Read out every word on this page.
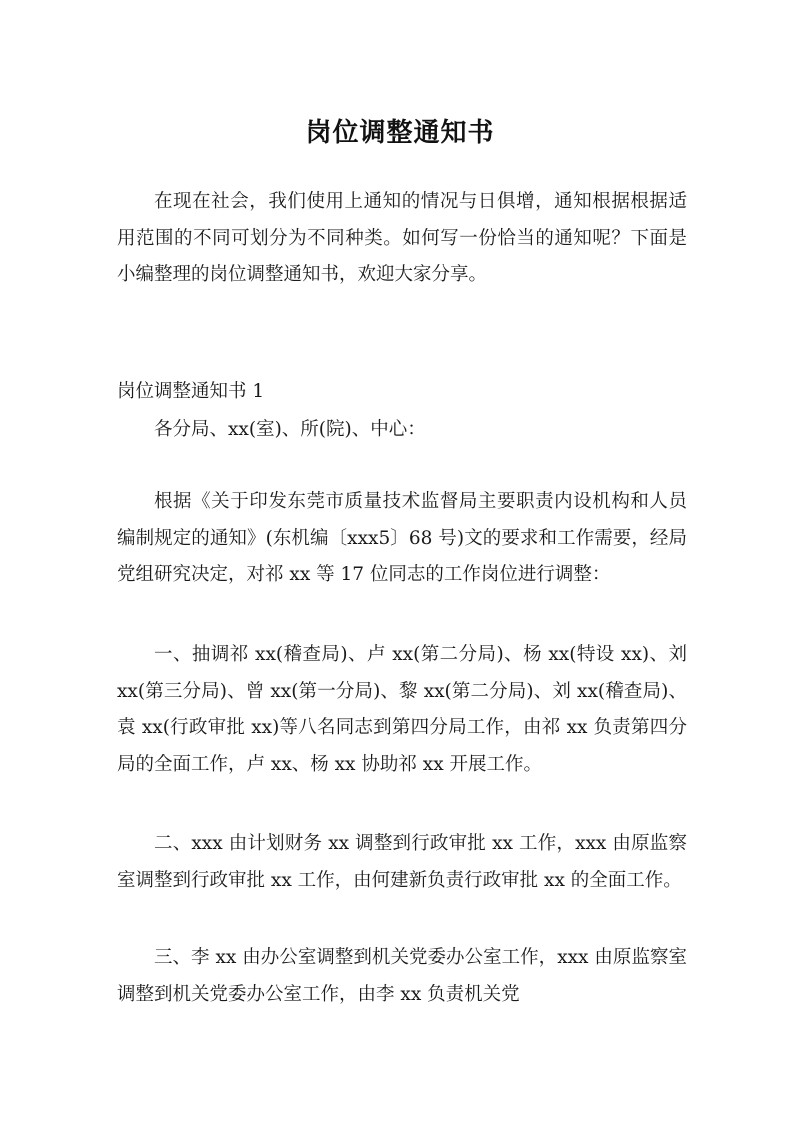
岗位调整通知书

在现在社会，我们使用上通知的情况与日俱增，通知根据根据适用范围的不同可划分为不同种类。如何写一份恰当的通知呢？下面是小编整理的岗位调整通知书，欢迎大家分享。

岗位调整通知书 1

各分局、xx(室)、所(院)、中心：

根据《关于印发东莞市质量技术监督局主要职责内设机构和人员编制规定的通知》(东机编〔xxx5〕68 号)文的要求和工作需要，经局党组研究决定，对祁 xx 等 17 位同志的工作岗位进行调整：

一、抽调祁 xx(稽查局)、卢 xx(第二分局)、杨 xx(特设 xx)、刘 xx(第三分局)、曾 xx(第一分局)、黎 xx(第二分局)、刘 xx(稽查局)、袁 xx(行政审批 xx)等八名同志到第四分局工作，由祁 xx 负责第四分局的全面工作，卢 xx、杨 xx 协助祁 xx 开展工作。

二、xxx 由计划财务 xx 调整到行政审批 xx 工作，xxx 由原监察室调整到行政审批 xx 工作，由何建新负责行政审批 xx 的全面工作。

三、李 xx 由办公室调整到机关党委办公室工作，xxx 由原监察室调整到机关党委办公室工作，由李 xx 负责机关党
